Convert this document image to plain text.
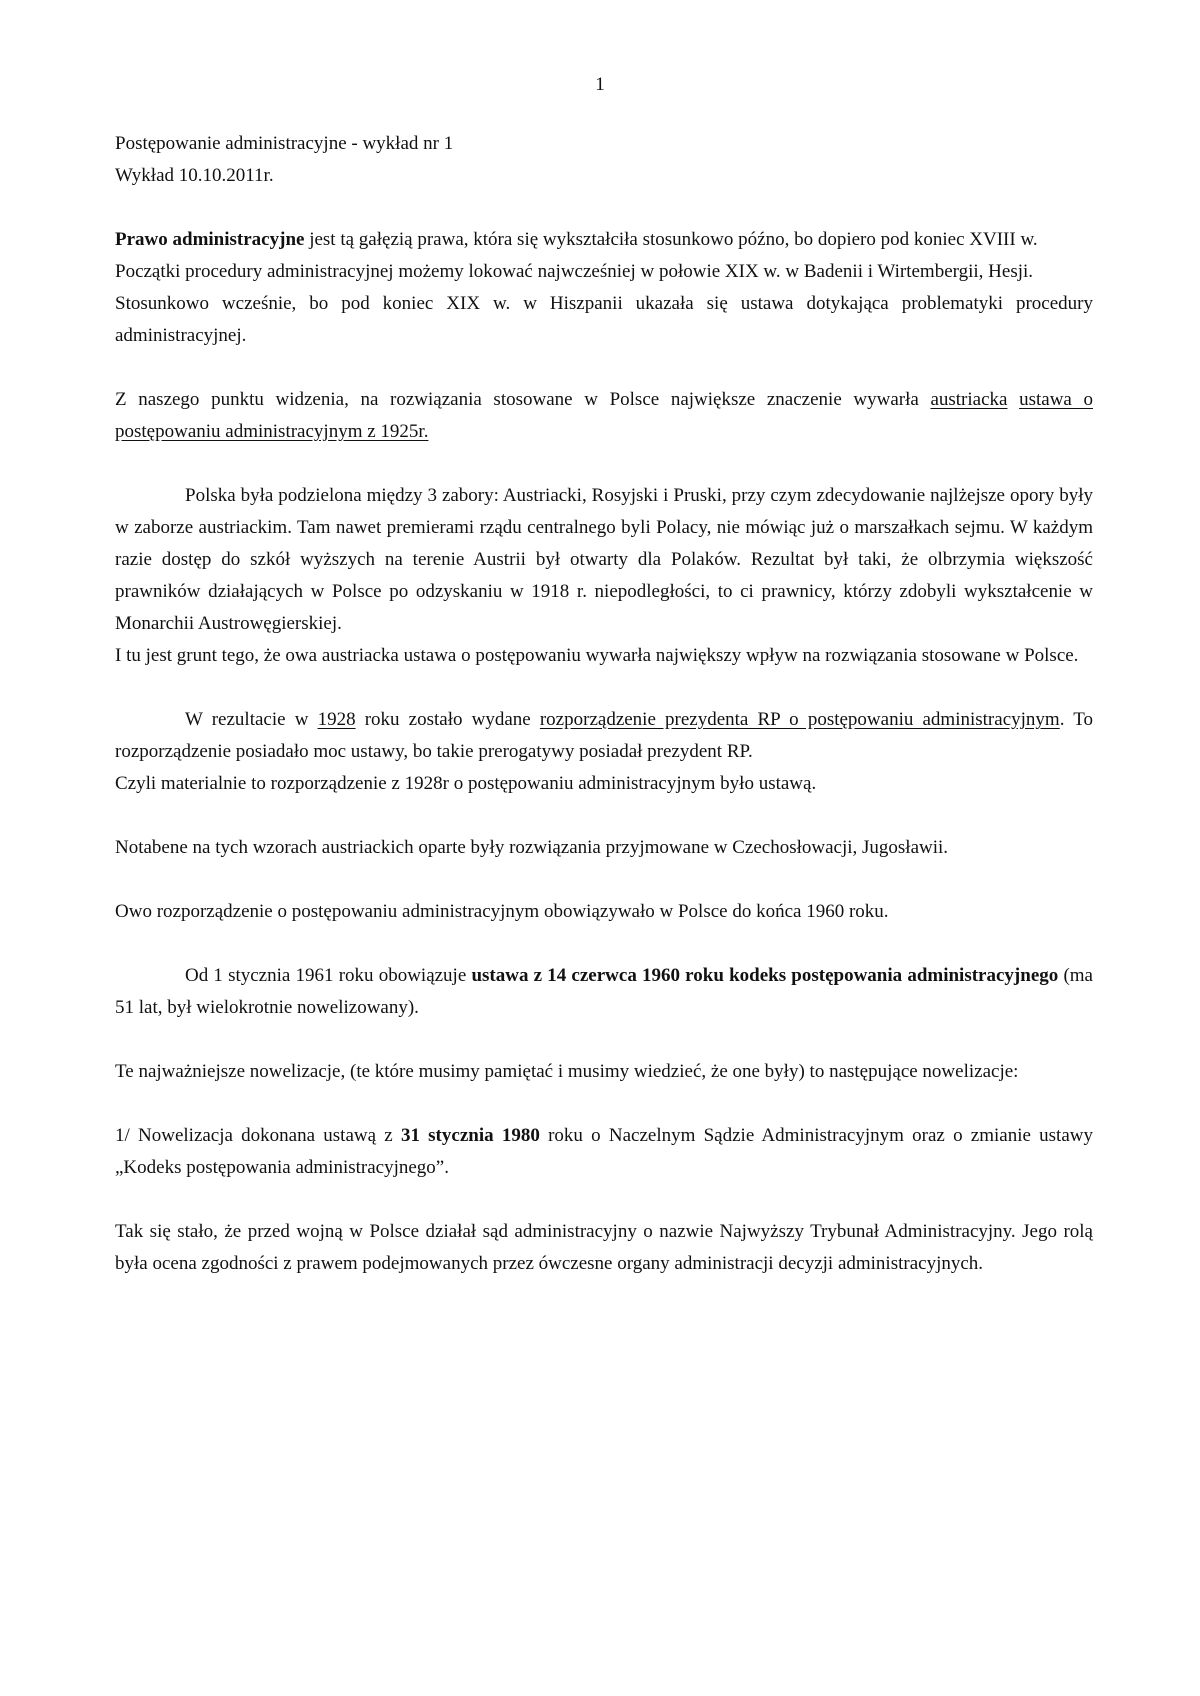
1

Postępowanie administracyjne - wykład nr 1

Wykład 10.10.2011r.

Prawo administracyjne jest tą gałęzią prawa, która się wykształciła stosunkowo późno, bo dopiero pod koniec XVIII w.

Początki procedury administracyjnej możemy lokować najwcześniej w połowie XIX w. w Badenii i Wirtembergii, Hesji.

Stosunkowo wcześnie, bo pod koniec XIX w. w Hiszpanii ukazała się ustawa dotykająca problematyki procedury administracyjnej.

Z naszego punktu widzenia, na rozwiązania stosowane w Polsce największe znaczenie wywarła austriacka ustawa o postępowaniu administracyjnym z 1925r.

Polska była podzielona między 3 zabory: Austriacki, Rosyjski i Pruski, przy czym zdecydowanie najlżejsze opory były w zaborze austriackim. Tam nawet premierami rządu centralnego byli Polacy, nie mówiąc już o marszałkach sejmu. W każdym razie dostęp do szkół wyższych na terenie Austrii był otwarty dla Polaków. Rezultat był taki, że olbrzymia większość prawników działających w Polsce po odzyskaniu w 1918 r. niepodległości, to ci prawnicy, którzy zdobyli wykształcenie w Monarchii Austrowęgierskiej.

I tu jest grunt tego, że owa austriacka ustawa o postępowaniu wywarła największy wpływ na rozwiązania stosowane w Polsce.

W rezultacie w 1928 roku zostało wydane rozporządzenie prezydenta RP o postępowaniu administracyjnym. To rozporządzenie posiadało moc ustawy, bo takie prerogatywy posiadał prezydent RP.

Czyli materialnie to rozporządzenie z 1928r o postępowaniu administracyjnym było ustawą.

Notabene na tych wzorach austriackich oparte były rozwiązania przyjmowane w Czechosłowacji, Jugosławii.

Owo rozporządzenie o postępowaniu administracyjnym obowiązywało w Polsce do końca 1960 roku.

Od 1 stycznia 1961 roku obowiązuje ustawa z 14 czerwca 1960 roku kodeks postępowania administracyjnego (ma 51 lat, był wielokrotnie nowelizowany).

Te najważniejsze nowelizacje, (te które musimy pamiętać i musimy wiedzieć, że one były) to następujące nowelizacje:

1/ Nowelizacja dokonana ustawą z 31 stycznia 1980 roku o Naczelnym Sądzie Administracyjnym oraz o zmianie ustawy „Kodeks postępowania administracyjnego”.

Tak się stało, że przed wojną w Polsce działał sąd administracyjny o nazwie Najwyższy Trybunał Administracyjny. Jego rolą była ocena zgodności z prawem podejmowanych przez ówczesne organy administracji decyzji administracyjnych.
